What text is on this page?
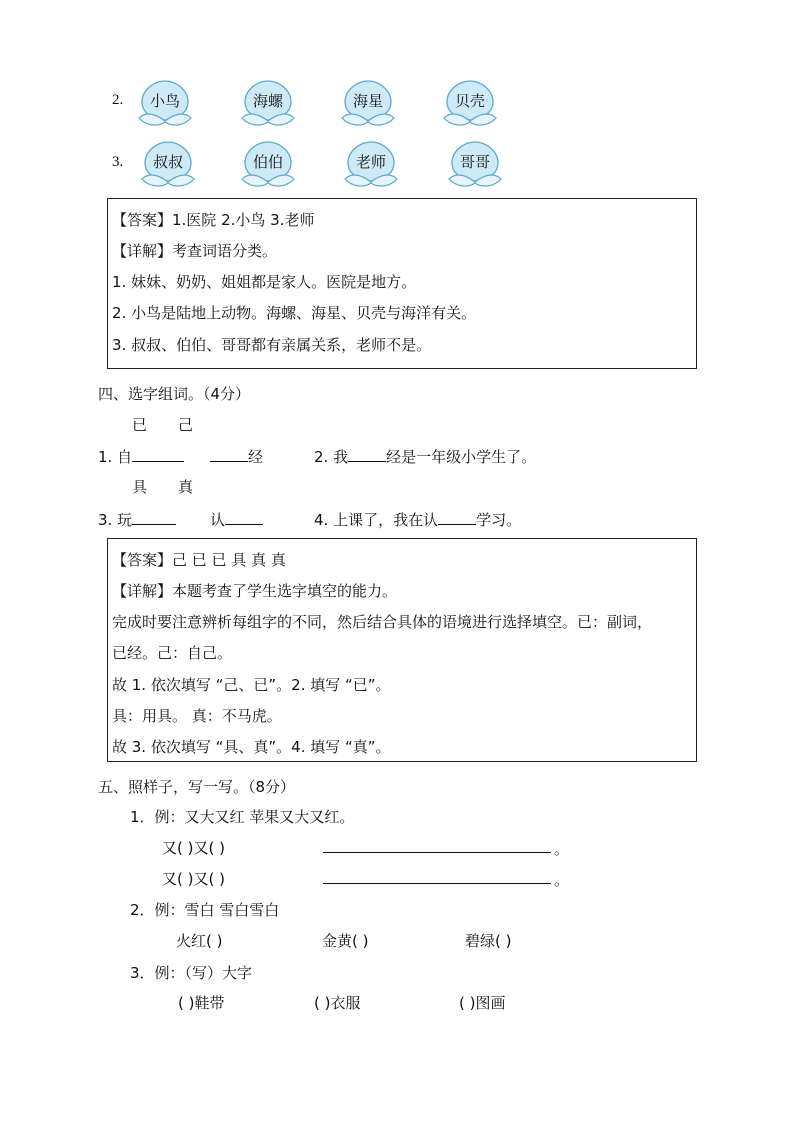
2.	小鸟	海螺	海星	贝壳
3.	叔叔	伯伯	老师	哥哥
【答案】1.医院 2.小鸟 3.老师
【详解】考查词语分类。
1. 妹妹、奶奶、姐姐都是家人。医院是地方。
2. 小鸟是陆地上动物。海螺、海星、贝壳与海洋有关。
3. 叔叔、伯伯、哥哥都有亲属关系，老师不是。
四、选字组词。（4分）
已 己
1. 自	经	2. 我	经是一年级小学生了。
具 真
3. 玩	认	4. 上课了，我在认	学习。
【答案】己 已 已 具 真 真
【详解】本题考查了学生选字填空的能力。
完成时要注意辨析每组字的不同，然后结合具体的语境进行选择填空。已：副词，
已经。己：自己。
故 1. 依次填写 “己、已”。2. 填写 “已”。
具：用具。 真：不马虎。
故 3. 依次填写 “具、真”。4. 填写 “真”。
五、照样子，写一写。（8分）
1．例：又大又红 苹果又大又红。
又( )又( )	。
又( )又( )	。
2．例：雪白 雪白雪白
火红( )	金黄( )	碧绿( )
3．例：（写）大字
( )鞋带	( )衣服	( )图画
